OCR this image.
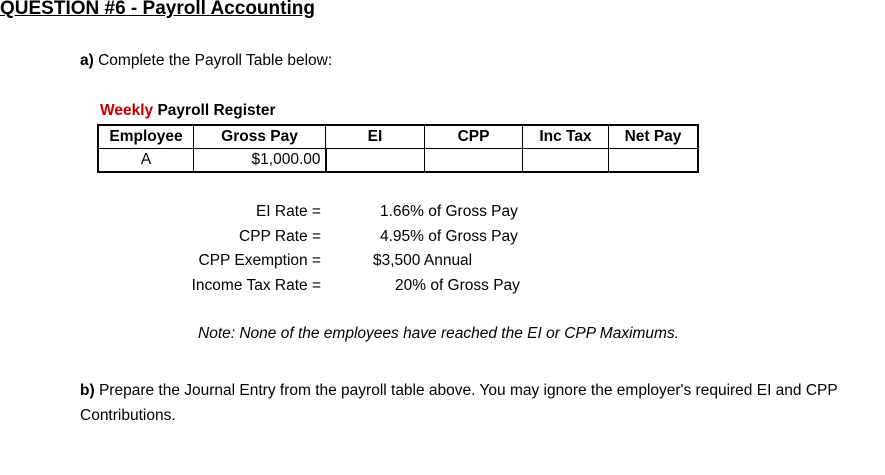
QUESTION #6 - Payroll Accounting
a) Complete the Payroll Table below:
Weekly Payroll Register
Employee	Gross Pay	EI	CPP	Inc Tax	Net Pay
A	$1,000.00				
EI Rate =	1.66% of Gross Pay
CPP Rate =	4.95% of Gross Pay
CPP Exemption =	$3,500 Annual
Income Tax Rate =	20% of Gross Pay
Note: None of the employees have reached the EI or CPP Maximums.
b) Prepare the Journal Entry from the payroll table above. You may ignore the employer's required EI and CPP Contributions.
